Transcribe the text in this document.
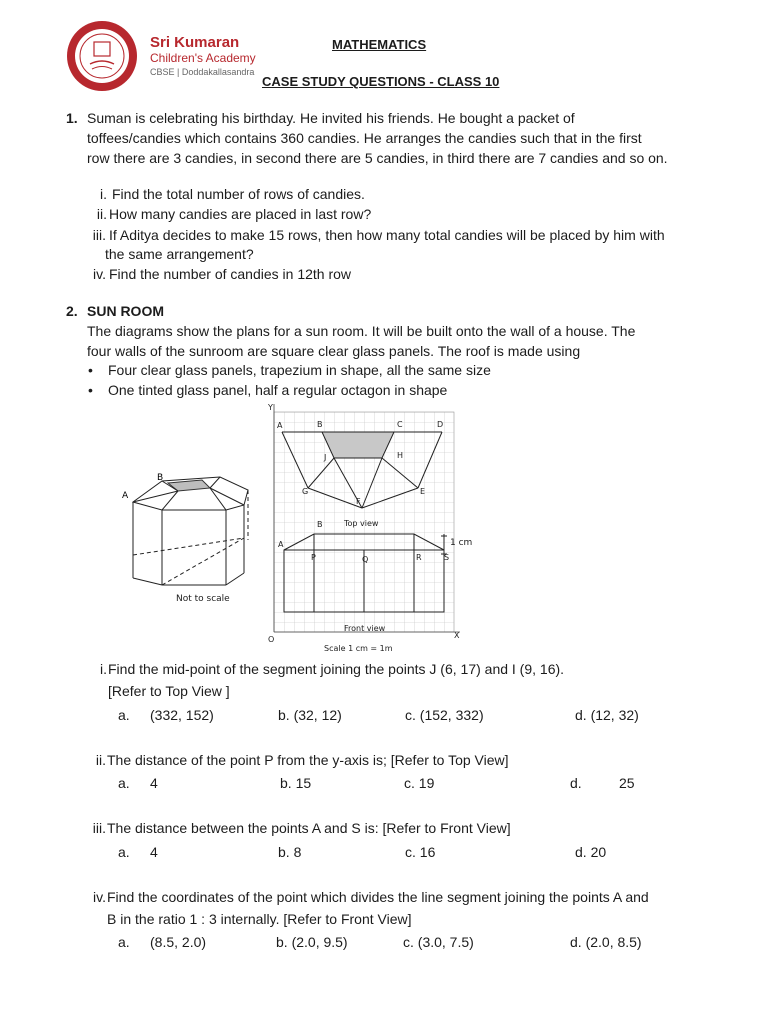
Sri Kumaran
Children's Academy
CBSE | Doddakallasandra
MATHEMATICS
CASE STUDY QUESTIONS - CLASS 10
1. Suman is celebrating his birthday. He invited his friends. He bought a packet of
toffees/candies which contains 360 candies. He arranges the candies such that in the first
row there are 3 candies, in second there are 5 candies, in third there are 7 candies and so on.
i. Find the total number of rows of candies.
ii. How many candies are placed in last row?
iii. If Aditya decides to make 15 rows, then how many total candies will be placed by him with
the same arrangement?
iv. Find the number of candies in 12th row
2. SUN ROOM
The diagrams show the plans for a sun room. It will be built onto the wall of a house. The
four walls of the sunroom are square clear glass panels. The roof is made using
• Four clear glass panels, trapezium in shape, all the same size
• One tinted glass panel, half a regular octagon in shape
A
B
Not to scale
A	B	C	D
J	H
G	E
F
B
A
P	Q	R	S
Y
X
O
Top view
Front view
Scale 1 cm = 1m
1 cm
i. Find the mid-point of the segment joining the points J (6, 17) and I (9, 16).
[Refer to Top View ]
a. (332, 152)	b. (32, 12)	c. (152, 332)	d. (12, 32)
ii. The distance of the point P from the y-axis is; [Refer to Top View]
a. 4	b. 15	c. 19	d.	25
iii. The distance between the points A and S is: [Refer to Front View]
a. 4	b. 8	c. 16	d. 20
iv. Find the coordinates of the point which divides the line segment joining the points A and
B in the ratio 1 : 3 internally. [Refer to Front View]
a. (8.5, 2.0)	b. (2.0, 9.5)	c. (3.0, 7.5)	d. (2.0, 8.5)
